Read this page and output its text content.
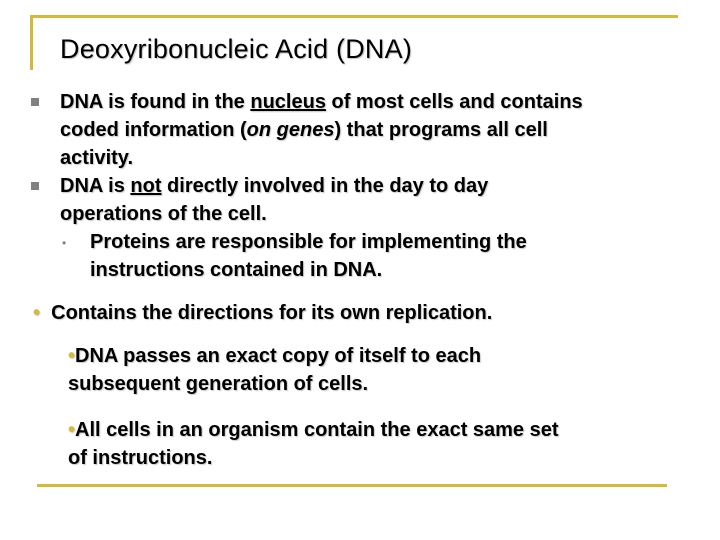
Deoxyribonucleic Acid (DNA)
DNA is found in the nucleus of most cells and contains
coded information (on genes) that programs all cell
activity.
DNA is not directly involved in the day to day
operations of the cell.
• Proteins are responsible for implementing the
instructions contained in DNA.
• Contains the directions for its own replication.
•DNA passes an exact copy of itself to each
subsequent generation of cells.
•All cells in an organism contain the exact same set
of instructions.
